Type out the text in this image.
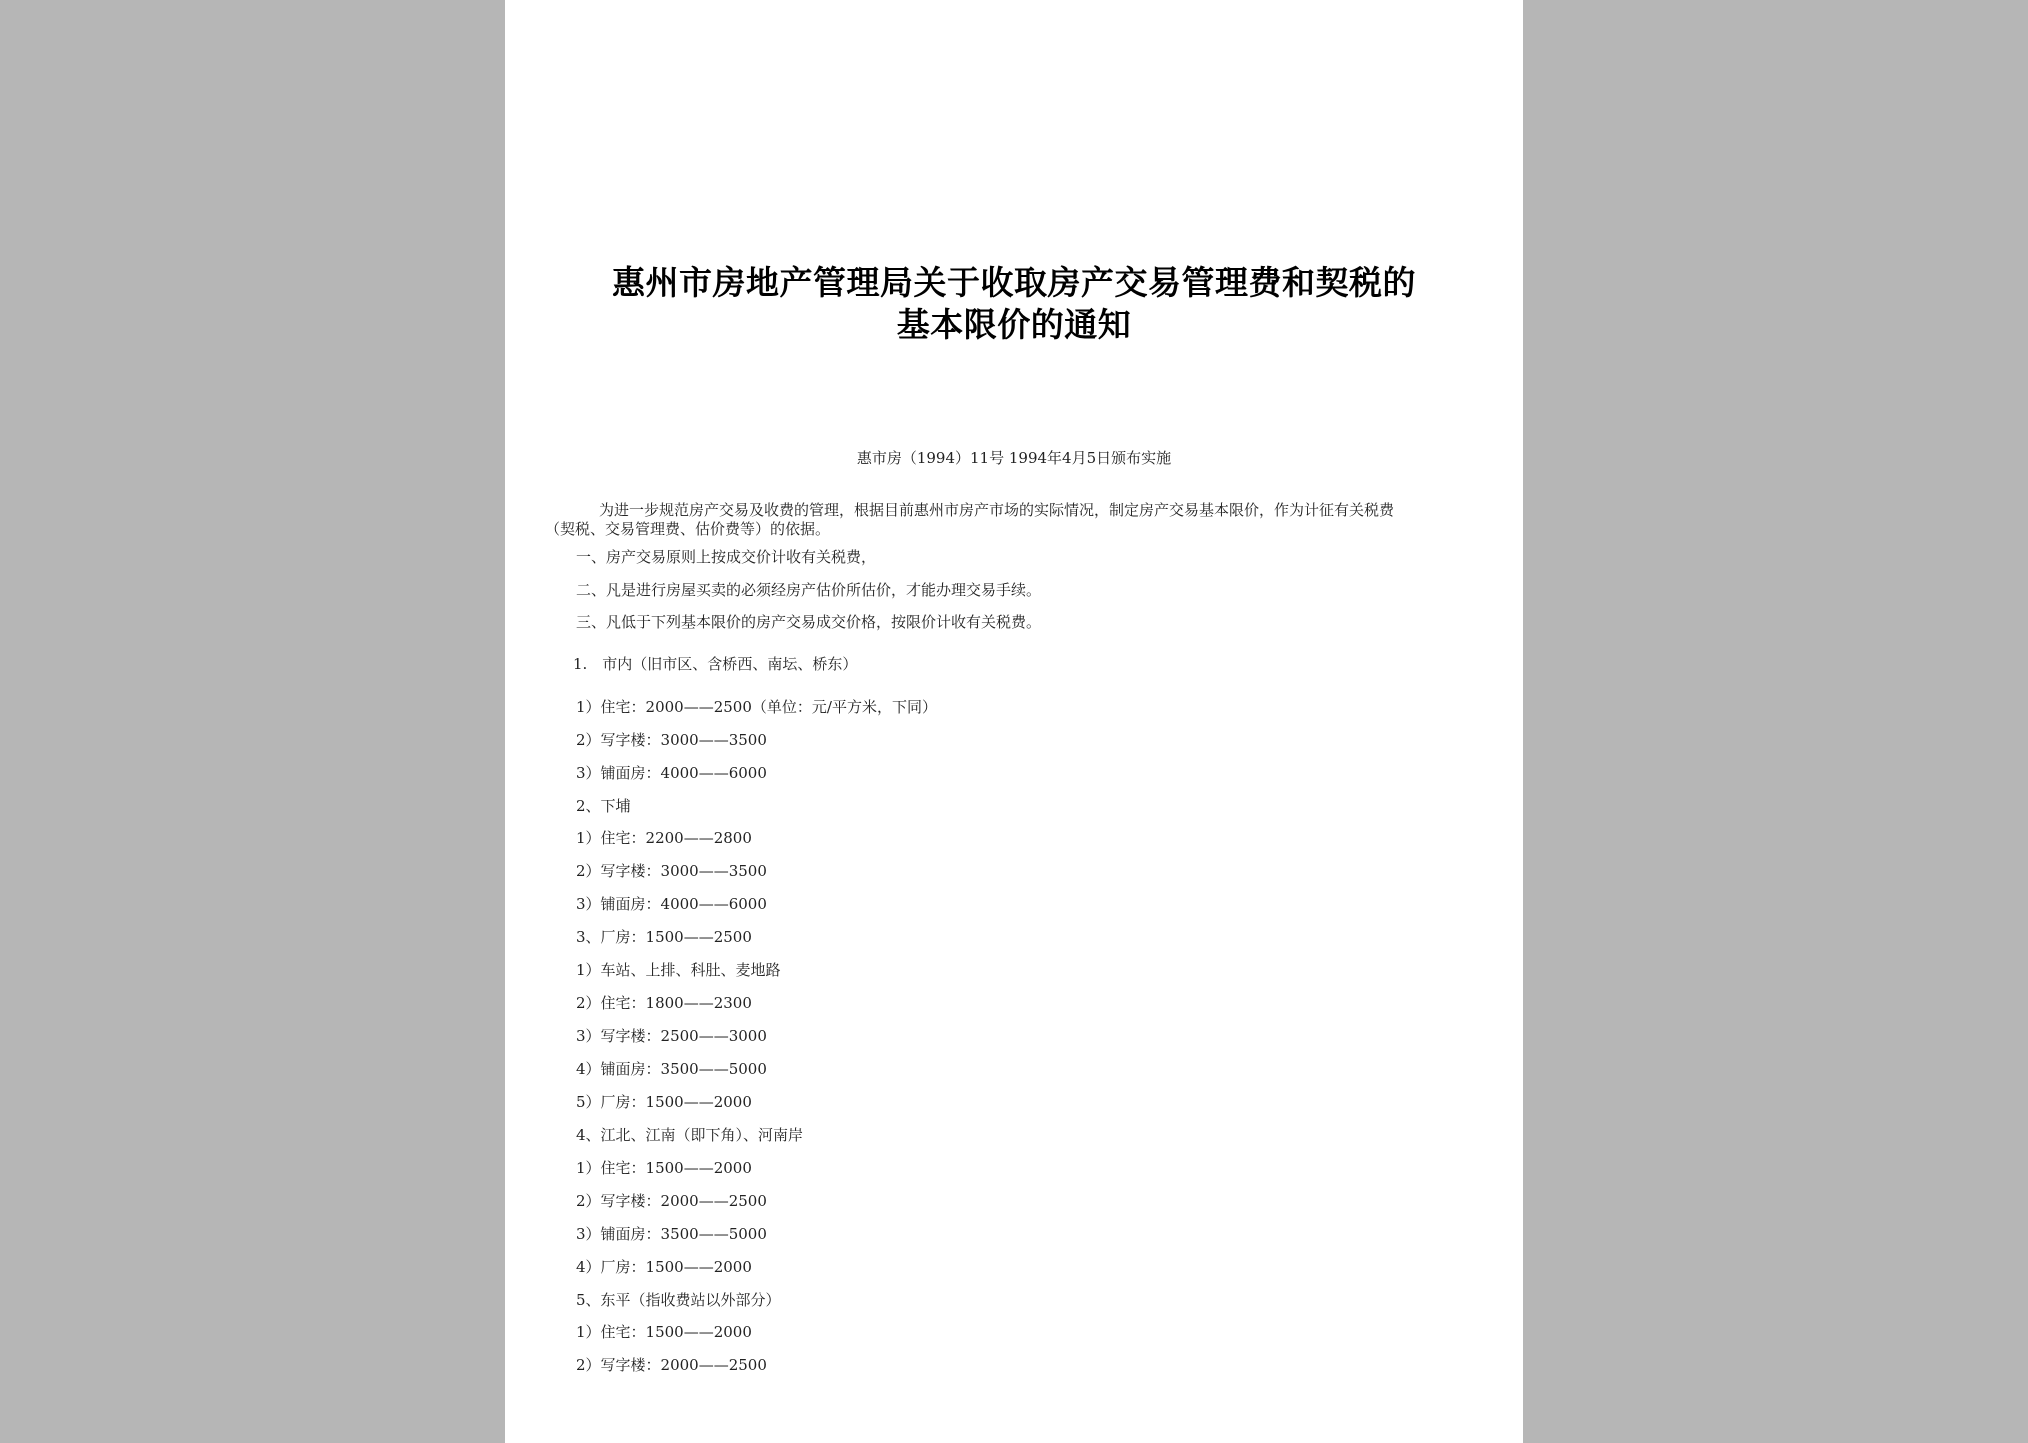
惠州市房地产管理局关于收取房产交易管理费和契税的
基本限价的通知
惠市房（1994）11号 1994年4月5日颁布实施
为进一步规范房产交易及收费的管理，根据目前惠州市房产市场的实际情况，制定房产交易基本限价，作为计征有关税费
（契税、交易管理费、估价费等）的依据。
一、房产交易原则上按成交价计收有关税费，
二、凡是进行房屋买卖的必须经房产估价所估价，才能办理交易手续。
三、凡低于下列基本限价的房产交易成交价格，按限价计收有关税费。
1.　市内（旧市区、含桥西、南坛、桥东）
1）住宅：2000——2500（单位：元/平方米，下同）
2）写字楼：3000——3500
3）铺面房：4000——6000
2、下埔
1）住宅：2200——2800
2）写字楼：3000——3500
3）铺面房：4000——6000
3、厂房：1500——2500
1）车站、上排、科肚、麦地路
2）住宅：1800——2300
3）写字楼：2500——3000
4）铺面房：3500——5000
5）厂房：1500——2000
4、江北、江南（即下角）、河南岸
1）住宅：1500——2000
2）写字楼：2000——2500
3）铺面房：3500——5000
4）厂房：1500——2000
5、东平（指收费站以外部分）
1）住宅：1500——2000
2）写字楼：2000——2500
